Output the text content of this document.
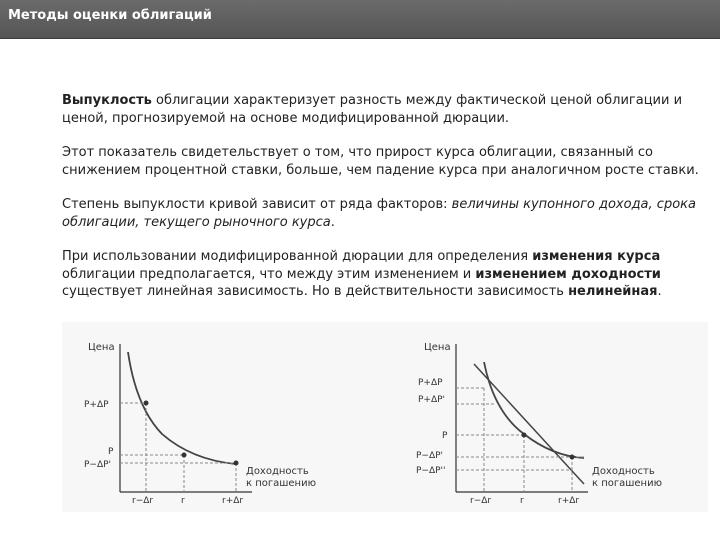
Методы оценки облигаций

Выпуклость облигации характеризует разность между фактической ценой облигации и ценой, прогнозируемой на основе модифицированной дюрации.

Этот показатель свидетельствует о том, что прирост курса облигации, связанный со снижением процентной ставки, больше, чем падение курса при аналогичном росте ставки.

Степень выпуклости кривой зависит от ряда факторов: величины купонного дохода, срока облигации, текущего рыночного курса.

При использовании модифицированной дюрации для определения изменения курса облигации предполагается, что между этим изменением и изменением доходности существует линейная зависимость. Но в действительности зависимость нелинейная.

Цена
P+ΔP
P
P−ΔP'
r−Δr	r	r+Δr
Доходность
к погашению
Цена
P+ΔP
P+ΔP'
P
P−ΔP'
P−ΔP''
r−Δr	r	r+Δr
Доходность
к погашению
